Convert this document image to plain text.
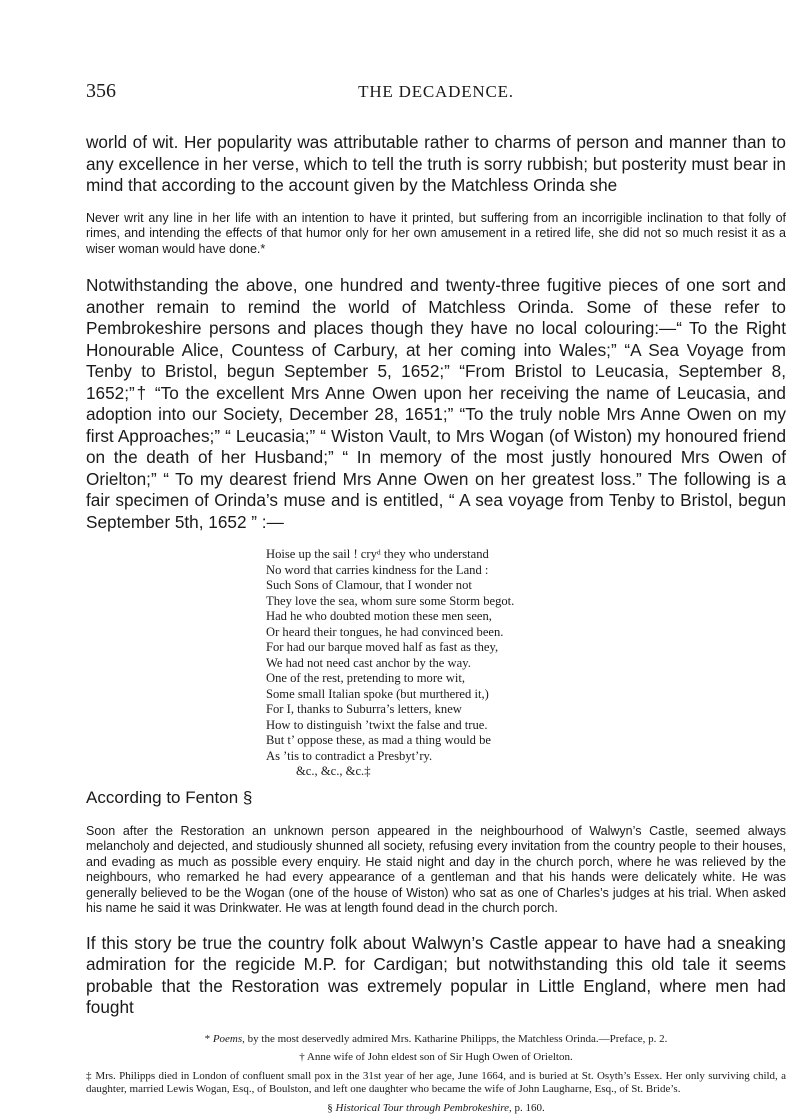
356	THE DECADENCE.

world of wit. Her popularity was attributable rather to charms of person and manner than to any excellence in her verse, which to tell the truth is sorry rubbish; but posterity must bear in mind that according to the account given by the Matchless Orinda she

Never writ any line in her life with an intention to have it printed, but suffering from an incorrigible inclination to that folly of rimes, and intending the effects of that humor only for her own amusement in a retired life, she did not so much resist it as a wiser woman would have done.*

Notwithstanding the above, one hundred and twenty-three fugitive pieces of one sort and another remain to remind the world of Matchless Orinda. Some of these refer to Pembrokeshire persons and places though they have no local colouring:—“ To the Right Honourable Alice, Countess of Carbury, at her coming into Wales;” “A Sea Voyage from Tenby to Bristol, begun September 5, 1652;” “From Bristol to Leucasia, September 8, 1652;”† “To the excellent Mrs Anne Owen upon her receiving the name of Leucasia, and adoption into our Society, December 28, 1651;” “To the truly noble Mrs Anne Owen on my first Approaches;” “ Leucasia;” “ Wiston Vault, to Mrs Wogan (of Wiston) my honoured friend on the death of her Husband;” “ In memory of the most justly honoured Mrs Owen of Orielton;” “ To my dearest friend Mrs Anne Owen on her greatest loss.” The following is a fair specimen of Orinda’s muse and is entitled, “ A sea voyage from Tenby to Bristol, begun September 5th, 1652 ” :—

Hoise up the sail ! cryᵈ they who understand
No word that carries kindness for the Land :
Such Sons of Clamour, that I wonder not
They love the sea, whom sure some Storm begot.
Had he who doubted motion these men seen,
Or heard their tongues, he had convinced been.
For had our barque moved half as fast as they,
We had not need cast anchor by the way.
One of the rest, pretending to more wit,
Some small Italian spoke (but murthered it,)
For I, thanks to Suburra’s letters, knew
How to distinguish ’twixt the false and true.
But t’ oppose these, as mad a thing would be
As ’tis to contradict a Presbyt’ry.
&c., &c., &c.‡

According to Fenton §

Soon after the Restoration an unknown person appeared in the neighbourhood of Walwyn’s Castle, seemed always melancholy and dejected, and studiously shunned all society, refusing every invitation from the country people to their houses, and evading as much as possible every enquiry. He staid night and day in the church porch, where he was relieved by the neighbours, who remarked he had every appearance of a gentleman and that his hands were delicately white. He was generally believed to be the Wogan (one of the house of Wiston) who sat as one of Charles’s judges at his trial. When asked his name he said it was Drinkwater. He was at length found dead in the church porch.

If this story be true the country folk about Walwyn’s Castle appear to have had a sneaking admiration for the regicide M.P. for Cardigan; but notwithstanding this old tale it seems probable that the Restoration was extremely popular in Little England, where men had fought

* Poems, by the most deservedly admired Mrs. Katharine Philipps, the Matchless Orinda.—Preface, p. 2.

† Anne wife of John eldest son of Sir Hugh Owen of Orielton.

‡ Mrs. Philipps died in London of confluent small pox in the 31st year of her age, June 1664, and is buried at St. Osyth’s Essex. Her only surviving child, a daughter, married Lewis Wogan, Esq., of Boulston, and left one daughter who became the wife of John Laugharne, Esq., of St. Bride’s.

§ Historical Tour through Pembrokeshire, p. 160.
